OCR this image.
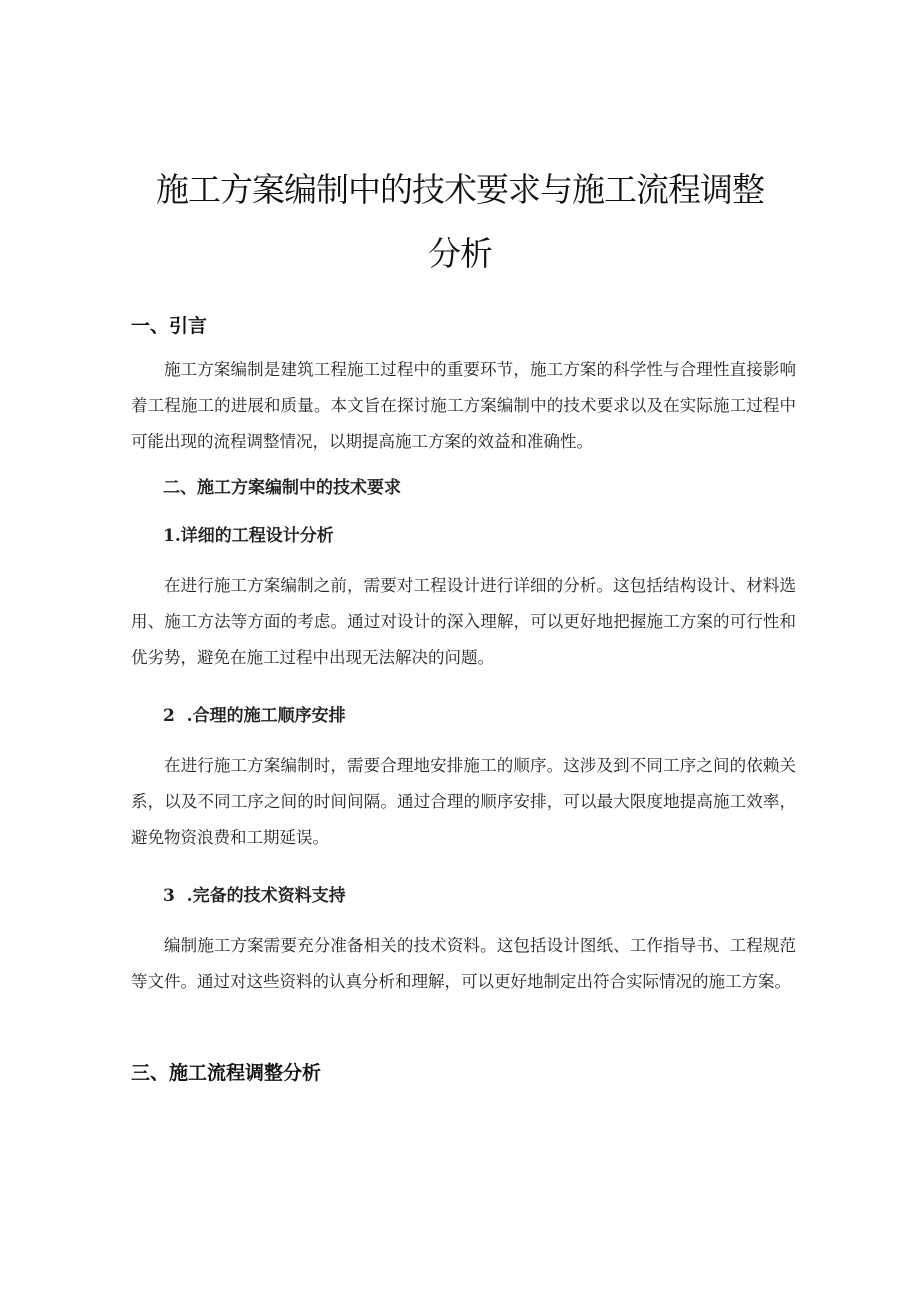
施工方案编制中的技术要求与施工流程调整
分析
一、引言

施工方案编制是建筑工程施工过程中的重要环节，施工方案的科学性与合理性直接影响着工程施工的进展和质量。本文旨在探讨施工方案编制中的技术要求以及在实际施工过程中可能出现的流程调整情况，以期提高施工方案的效益和准确性。

二、施工方案编制中的技术要求
1.详细的工程设计分析

在进行施工方案编制之前，需要对工程设计进行详细的分析。这包括结构设计、材料选用、施工方法等方面的考虑。通过对设计的深入理解，可以更好地把握施工方案的可行性和优劣势，避免在施工过程中出现无法解决的问题。

2  .合理的施工顺序安排

在进行施工方案编制时，需要合理地安排施工的顺序。这涉及到不同工序之间的依赖关系，以及不同工序之间的时间间隔。通过合理的顺序安排，可以最大限度地提高施工效率，避免物资浪费和工期延误。

3  .完备的技术资料支持

编制施工方案需要充分准备相关的技术资料。这包括设计图纸、工作指导书、工程规范等文件。通过对这些资料的认真分析和理解，可以更好地制定出符合实际情况的施工方案。

三、施工流程调整分析
